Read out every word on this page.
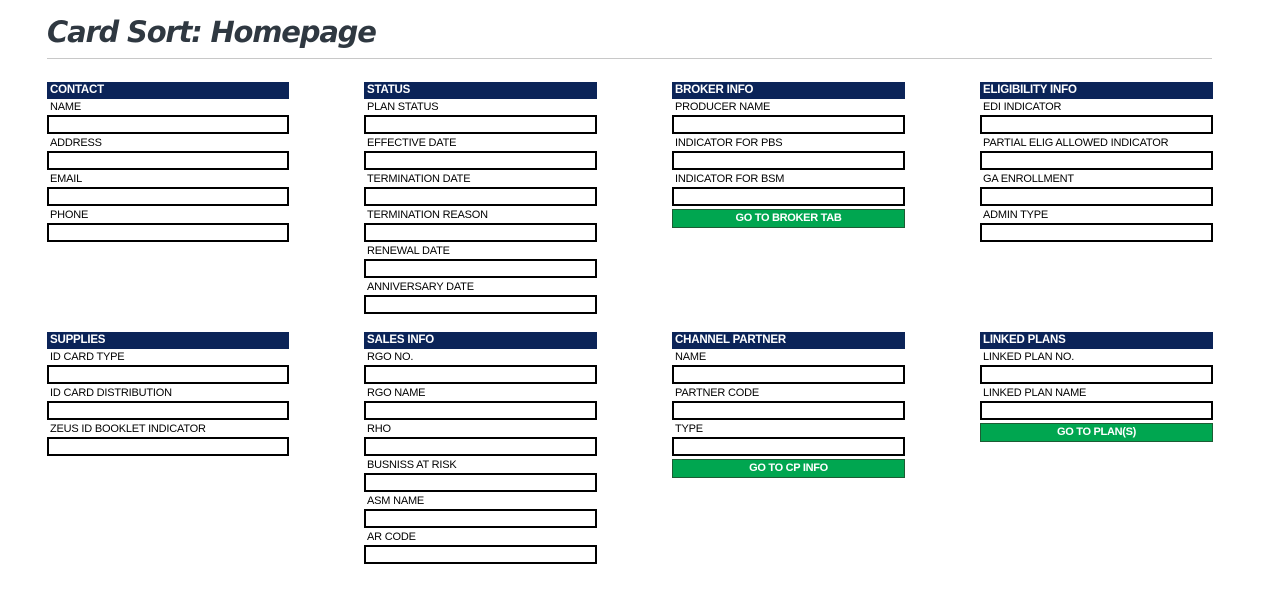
Card Sort: Homepage
CONTACT
NAME
ADDRESS
EMAIL
PHONE
STATUS
PLAN STATUS
EFFECTIVE DATE
TERMINATION DATE
TERMINATION REASON
RENEWAL DATE
ANNIVERSARY DATE
BROKER INFO
PRODUCER NAME
INDICATOR FOR PBS
INDICATOR FOR BSM
GO TO BROKER TAB
ELIGIBILITY INFO
EDI INDICATOR
PARTIAL ELIG ALLOWED INDICATOR
GA ENROLLMENT
ADMIN TYPE
SUPPLIES
ID CARD TYPE
ID CARD DISTRIBUTION
ZEUS ID BOOKLET INDICATOR
SALES INFO
RGO NO.
RGO NAME
RHO
BUSNISS AT RISK
ASM NAME
AR CODE
CHANNEL PARTNER
NAME
PARTNER CODE
TYPE
GO TO CP INFO
LINKED PLANS
LINKED PLAN NO.
LINKED PLAN NAME
GO TO PLAN(S)
